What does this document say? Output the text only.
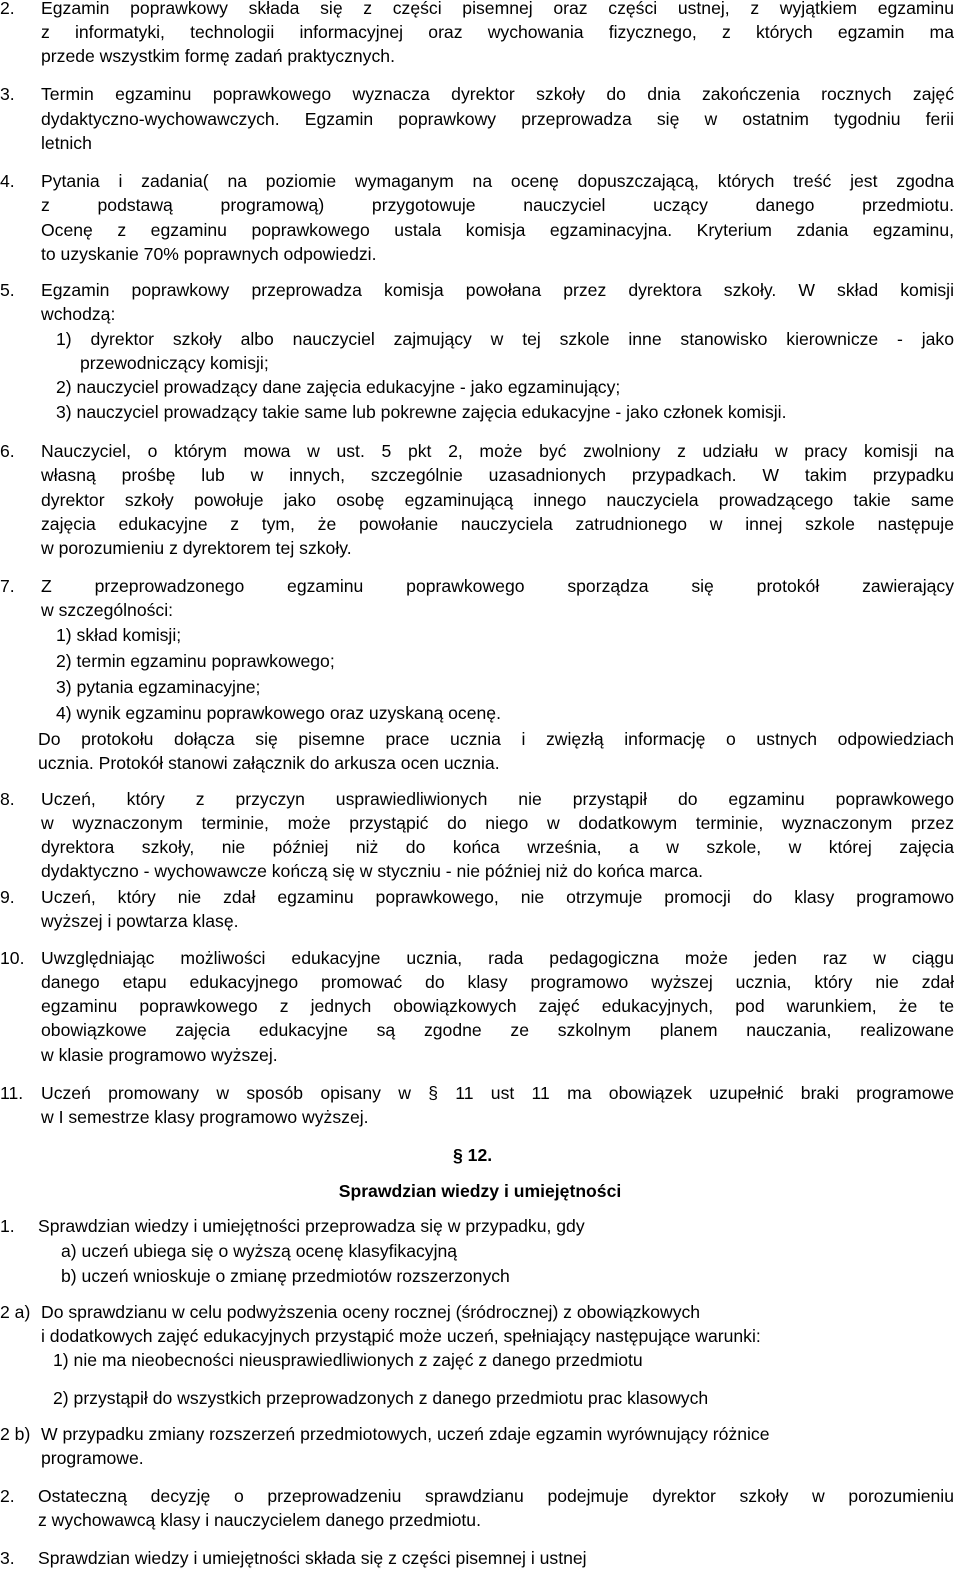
2. Egzamin poprawkowy składa się z części pisemnej oraz części ustnej, z wyjątkiem egzaminu
z informatyki, technologii informacyjnej oraz wychowania fizycznego, z których egzamin ma
przede wszystkim formę zadań praktycznych.
3. Termin egzaminu poprawkowego wyznacza dyrektor szkoły do dnia zakończenia rocznych zajęć
dydaktyczno-wychowawczych. Egzamin poprawkowy przeprowadza się w ostatnim tygodniu ferii
letnich
4. Pytania i zadania( na poziomie wymaganym na ocenę dopuszczającą, których treść jest zgodna
z podstawą programową) przygotowuje nauczyciel uczący danego przedmiotu.
Ocenę z egzaminu poprawkowego ustala komisja egzaminacyjna. Kryterium zdania egzaminu,
to uzyskanie 70% poprawnych odpowiedzi.
5. Egzamin poprawkowy przeprowadza komisja powołana przez dyrektora szkoły. W skład komisji
wchodzą:
1) dyrektor szkoły albo nauczyciel zajmujący w tej szkole inne stanowisko kierownicze - jako
przewodniczący komisji;
2) nauczyciel prowadzący dane zajęcia edukacyjne - jako egzaminujący;
3) nauczyciel prowadzący takie same lub pokrewne zajęcia edukacyjne - jako członek komisji.
6. Nauczyciel, o którym mowa w ust. 5 pkt 2, może być zwolniony z udziału w pracy komisji na
własną prośbę lub w innych, szczególnie uzasadnionych przypadkach. W takim przypadku
dyrektor szkoły powołuje jako osobę egzaminującą innego nauczyciela prowadzącego takie same
zajęcia edukacyjne z tym, że powołanie nauczyciela zatrudnionego w innej szkole następuje
w porozumieniu z dyrektorem tej szkoły.
7. Z przeprowadzonego egzaminu poprawkowego sporządza się protokół zawierający
w szczególności:
1) skład komisji;
2) termin egzaminu poprawkowego;
3) pytania egzaminacyjne;
4) wynik egzaminu poprawkowego oraz uzyskaną ocenę.
Do protokołu dołącza się pisemne prace ucznia i zwięzłą informację o ustnych odpowiedziach
ucznia. Protokół stanowi załącznik do arkusza ocen ucznia.
8. Uczeń, który z przyczyn usprawiedliwionych nie przystąpił do egzaminu poprawkowego
w wyznaczonym terminie, może przystąpić do niego w dodatkowym terminie, wyznaczonym przez
dyrektora szkoły, nie później niż do końca września, a w szkole, w której zajęcia
dydaktyczno - wychowawcze kończą się w styczniu - nie później niż do końca marca.
9. Uczeń, który nie zdał egzaminu poprawkowego, nie otrzymuje promocji do klasy programowo
wyższej i powtarza klasę.
10. Uwzględniając możliwości edukacyjne ucznia, rada pedagogiczna może jeden raz w ciągu
danego etapu edukacyjnego promować do klasy programowo wyższej ucznia, który nie zdał
egzaminu poprawkowego z jednych obowiązkowych zajęć edukacyjnych, pod warunkiem, że te
obowiązkowe zajęcia edukacyjne są zgodne ze szkolnym planem nauczania, realizowane
w klasie programowo wyższej.
11. Uczeń promowany w sposób opisany w § 11 ust 11 ma obowiązek uzupełnić braki programowe
w I semestrze klasy programowo wyższej.
§ 12.
Sprawdzian wiedzy i umiejętności
1. Sprawdzian wiedzy i umiejętności przeprowadza się w przypadku, gdy
a) uczeń ubiega się o wyższą ocenę klasyfikacyjną
b) uczeń wnioskuje o zmianę przedmiotów rozszerzonych
2 a) Do sprawdzianu w celu podwyższenia oceny rocznej (śródrocznej) z obowiązkowych
i dodatkowych zajęć edukacyjnych przystąpić może uczeń, spełniający następujące warunki:
1) nie ma nieobecności nieusprawiedliwionych z zajęć z danego przedmiotu
2) przystąpił do wszystkich przeprowadzonych z danego przedmiotu prac klasowych
2 b) W przypadku zmiany rozszerzeń przedmiotowych, uczeń zdaje egzamin wyrównujący różnice
programowe.
2. Ostateczną decyzję o przeprowadzeniu sprawdzianu podejmuje dyrektor szkoły w porozumieniu
z wychowawcą klasy i nauczycielem danego przedmiotu.
3. Sprawdzian wiedzy i umiejętności składa się z części pisemnej i ustnej
